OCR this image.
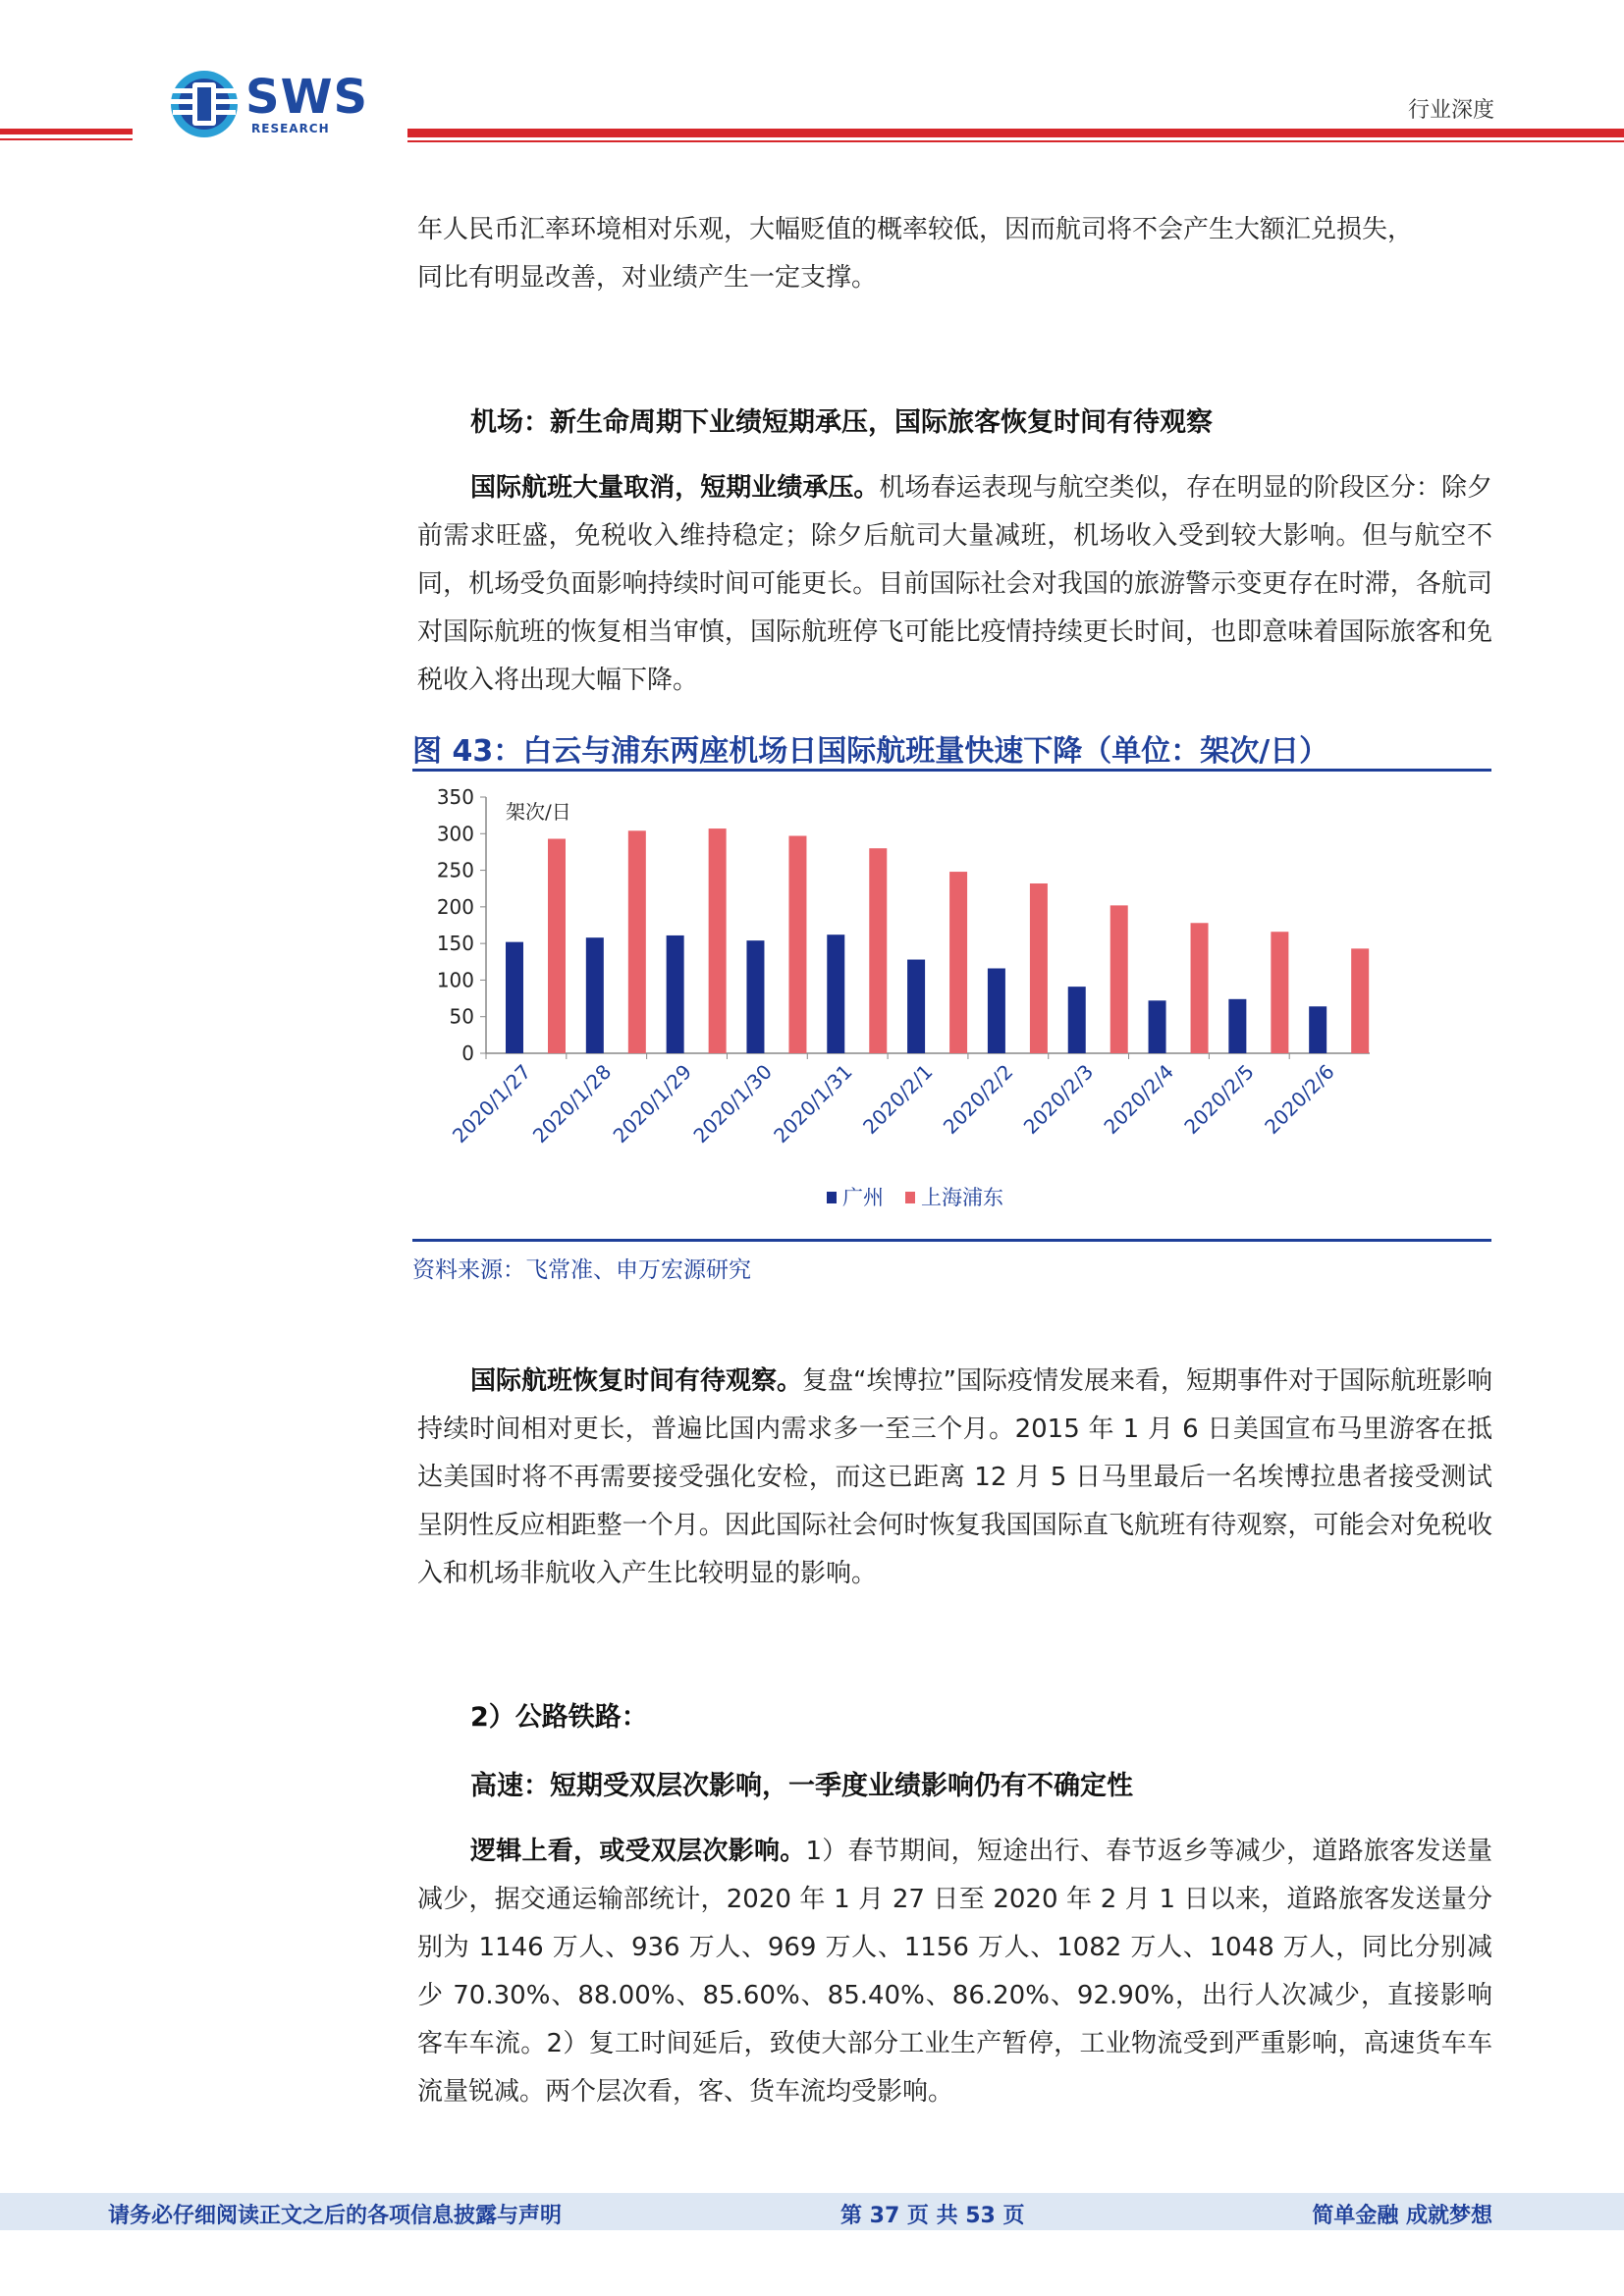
SWS
RESEARCH
行业深度
年人民币汇率环境相对乐观，大幅贬值的概率较低，因而航司将不会产生大额汇兑损失，
同比有明显改善，对业绩产生一定支撑。
机场：新生命周期下业绩短期承压，国际旅客恢复时间有待观察
国际航班大量取消，短期业绩承压。机场春运表现与航空类似，存在明显的阶段区分：除夕前需求旺盛，免税收入维持稳定；除夕后航司大量减班，机场收入受到较大影响。但与航空不同，机场受负面影响持续时间可能更长。目前国际社会对我国的旅游警示变更存在时滞，各航司对国际航班的恢复相当审慎，国际航班停飞可能比疫情持续更长时间，也即意味着国际旅客和免税收入将出现大幅下降。
图 43：白云与浦东两座机场日国际航班量快速下降（单位：架次/日）
0
50
100
150
200
250
300
350
架次/日
2020/1/27
2020/1/28
2020/1/29
2020/1/30
2020/1/31 2020/2/1 2020/2/2 2020/2/3 2020/2/4 2020/2/5 2020/2/6
广州 上海浦东
资料来源：飞常准、申万宏源研究
国际航班恢复时间有待观察。复盘“埃博拉”国际疫情发展来看，短期事件对于国际航班影响持续时间相对更长，普遍比国内需求多一至三个月。2015 年 1 月 6 日美国宣布马里游客在抵达美国时将不再需要接受强化安检，而这已距离 12 月 5 日马里最后一名埃博拉患者接受测试呈阴性反应相距整一个月。因此国际社会何时恢复我国国际直飞航班有待观察，可能会对免税收入和机场非航收入产生比较明显的影响。
2）公路铁路：
高速：短期受双层次影响，一季度业绩影响仍有不确定性
逻辑上看，或受双层次影响。1）春节期间，短途出行、春节返乡等减少，道路旅客发送量减少，据交通运输部统计，2020 年 1 月 27 日至 2020 年 2 月 1 日以来，道路旅客发送量分别为 1146 万人、936 万人、969 万人、1156 万人、1082 万人、1048 万人，同比分别减少 70.30%、88.00%、85.60%、85.40%、86.20%、92.90%，出行人次减少，直接影响客车车流。2）复工时间延后，致使大部分工业生产暂停，工业物流受到严重影响，高速货车车流量锐减。两个层次看，客、货车流均受影响。
请务必仔细阅读正文之后的各项信息披露与声明	第 37 页 共 53 页	简单金融 成就梦想
